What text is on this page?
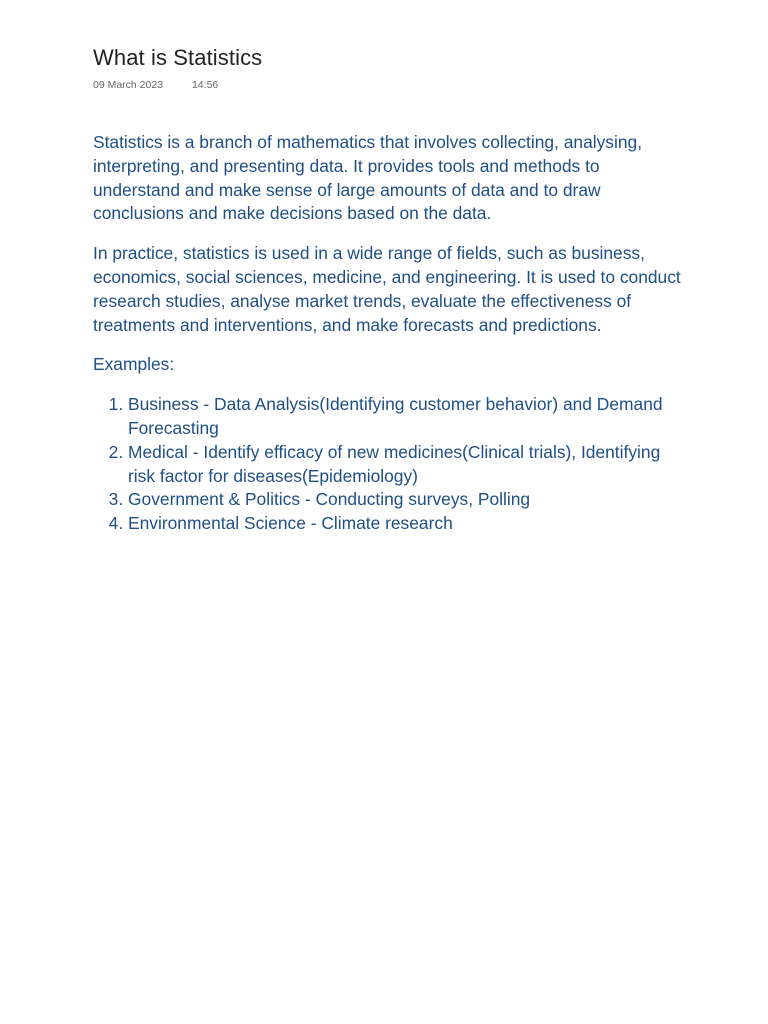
What is Statistics
09 March 2023	14:56

Statistics is a branch of mathematics that involves collecting, analysing, interpreting, and presenting data. It provides tools and methods to understand and make sense of large amounts of data and to draw conclusions and make decisions based on the data.

In practice, statistics is used in a wide range of fields, such as business, economics, social sciences, medicine, and engineering. It is used to conduct research studies, analyse market trends, evaluate the effectiveness of treatments and interventions, and make forecasts and predictions.

Examples:

1. Business - Data Analysis(Identifying customer behavior) and Demand Forecasting
2. Medical - Identify efficacy of new medicines(Clinical trials), Identifying risk factor for diseases(Epidemiology)
3. Government & Politics - Conducting surveys, Polling
4. Environmental Science - Climate research
